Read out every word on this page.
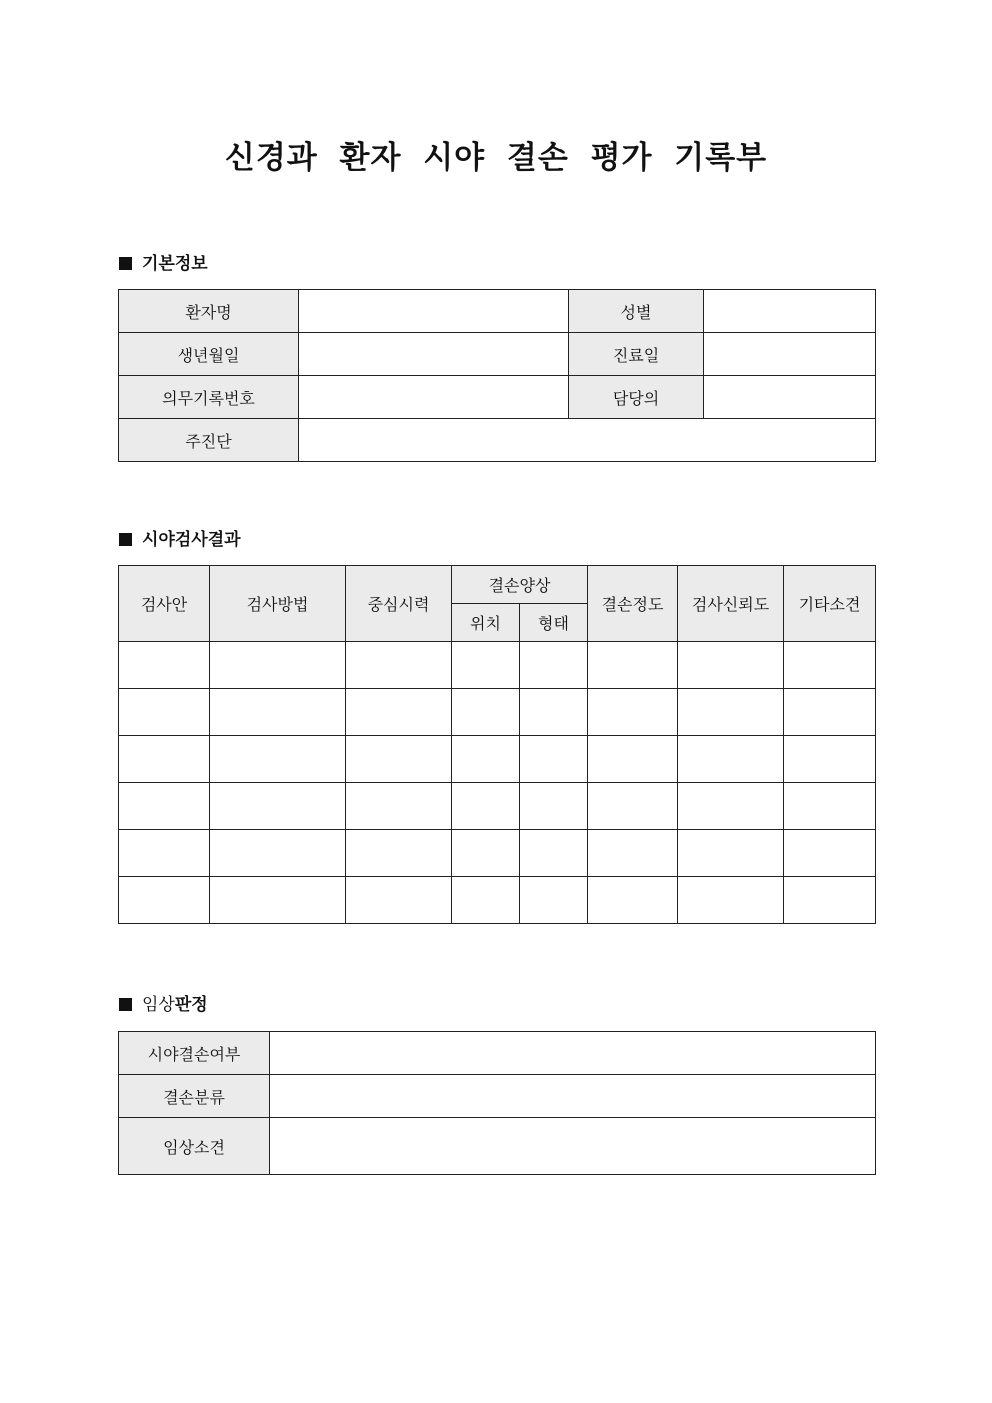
신경과 환자 시야 결손 평가 기록부
기본정보
환자명		성별	
생년월일		진료일	
의무기록번호		담당의	
주진단			
시야검사결과
검사안	검사방법	중심시력	결손양상		결손정도	검사신뢰도	기타소견
			위치	형태			

임상판정
시야결손여부	
결손분류	
임상소견	
